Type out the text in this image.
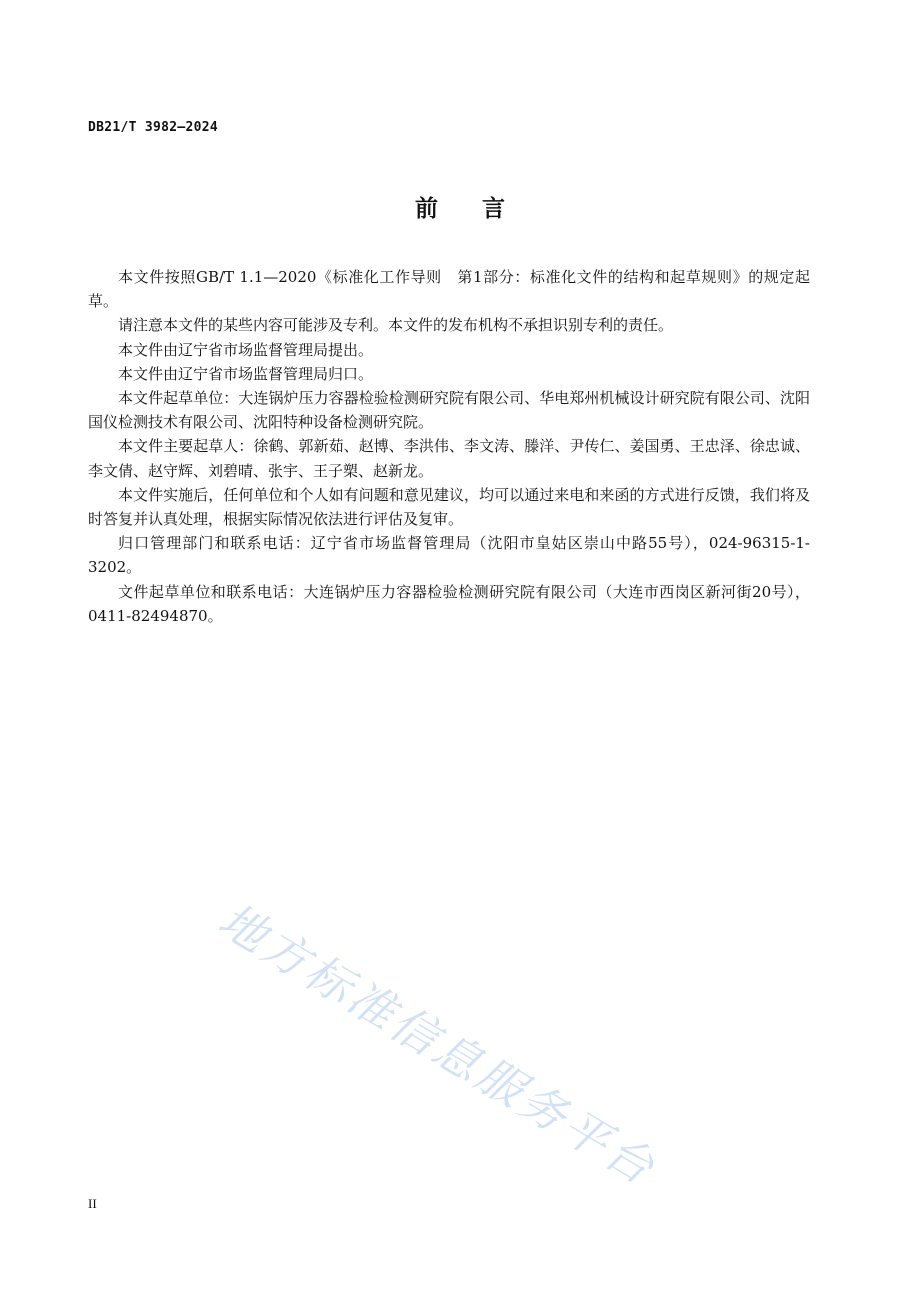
DB21/T 3982—2024
前言

本文件按照GB/T 1.1—2020《标准化工作导则　第1部分：标准化文件的结构和起草规则》的规定起草。

请注意本文件的某些内容可能涉及专利。本文件的发布机构不承担识别专利的责任。

本文件由辽宁省市场监督管理局提出。

本文件由辽宁省市场监督管理局归口。

本文件起草单位：大连锅炉压力容器检验检测研究院有限公司、华电郑州机械设计研究院有限公司、沈阳国仪检测技术有限公司、沈阳特种设备检测研究院。

本文件主要起草人：徐鹤、郭新茹、赵博、李洪伟、李文涛、滕洋、尹传仁、姜国勇、王忠泽、徐忠诚、李文倩、赵守辉、刘碧晴、张宇、王子槊、赵新龙。

本文件实施后，任何单位和个人如有问题和意见建议，均可以通过来电和来函的方式进行反馈，我们将及时答复并认真处理，根据实际情况依法进行评估及复审。

归口管理部门和联系电话：辽宁省市场监督管理局（沈阳市皇姑区崇山中路55号），024-96315-1-3202。

文件起草单位和联系电话：大连锅炉压力容器检验检测研究院有限公司（大连市西岗区新河街20号），0411-82494870。

地方标准信息服务平台
II
